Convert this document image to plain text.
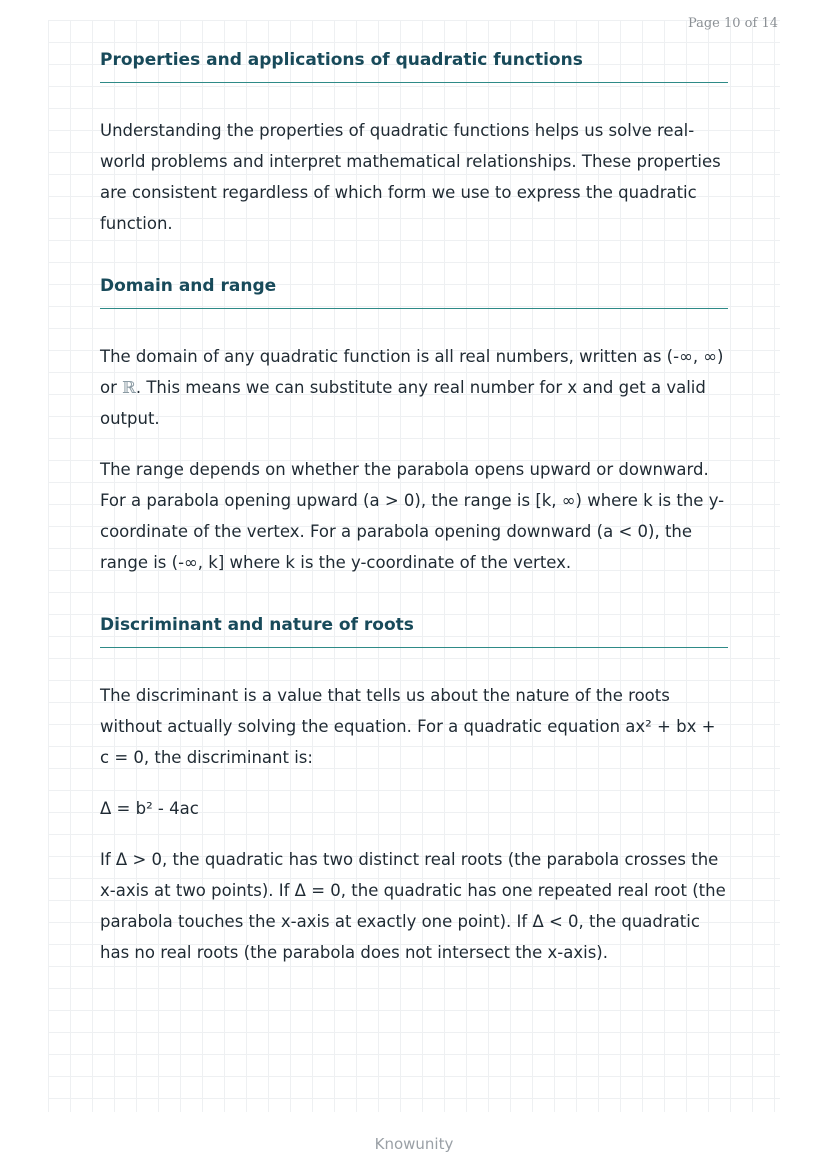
Page 10 of 14
Properties and applications of quadratic functions

Understanding the properties of quadratic functions helps us solve real-world problems and interpret mathematical relationships. These properties are consistent regardless of which form we use to express the quadratic function.

Domain and range

The domain of any quadratic function is all real numbers, written as (-∞, ∞) or ℝ. This means we can substitute any real number for x and get a valid output.

The range depends on whether the parabola opens upward or downward. For a parabola opening upward (a > 0), the range is [k, ∞) where k is the y-coordinate of the vertex. For a parabola opening downward (a < 0), the range is (-∞, k] where k is the y-coordinate of the vertex.

Discriminant and nature of roots

The discriminant is a value that tells us about the nature of the roots without actually solving the equation. For a quadratic equation ax² + bx + c = 0, the discriminant is:

Δ = b² - 4ac

If Δ > 0, the quadratic has two distinct real roots (the parabola crosses the x-axis at two points). If Δ = 0, the quadratic has one repeated real root (the parabola touches the x-axis at exactly one point). If Δ < 0, the quadratic has no real roots (the parabola does not intersect the x-axis).

Knowunity
